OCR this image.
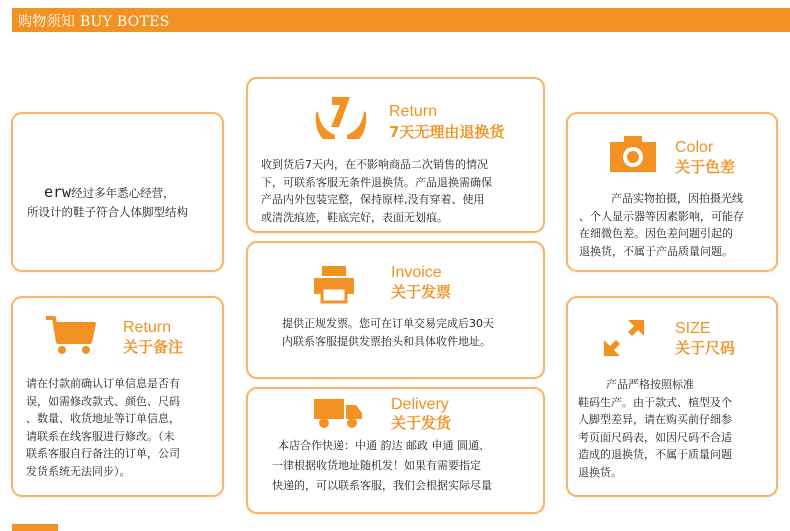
购物须知 BUY BOTES
erw经过多年悉心经营，
所设计的鞋子符合人体脚型结构
Return
7天无理由退换货

收到货后7天内，在不影响商品二次销售的情况

下，可联系客服无条件退换货。产品退换需确保

产品内外包装完整，保持原样,没有穿着、使用

或清洗痕迹，鞋底完好，表面无划痕。

Color
关于色差

产品实物拍摄，因拍摄光线

、个人显示器等因素影响，可能存

在细微色差。因色差问题引起的

退换货，不属于产品质量问题。

Invoice
关于发票

提供正规发票。您可在订单交易完成后30天

内联系客服提供发票抬头和具体收件地址。

Return
关于备注

请在付款前确认订单信息是否有

误，如需修改款式、颜色、尺码

、数量、收货地址等订单信息，

请联系在线客服进行修改。（未

联系客服自行备注的订单，公司

发货系统无法同步）。

Delivery
关于发货

本店合作快递：中通 韵达 邮政 申通 圆通、

一律根据收货地址随机发！如果有需要指定

快递的，可以联系客服，我们会根据实际尽量

SIZE
关于尺码

产品严格按照标准

鞋码生产。由于款式、楦型及个

人脚型差异，请在购买前仔细参

考页面尺码表，如因尺码不合适

造成的退换货，不属于质量问题

退换货。
